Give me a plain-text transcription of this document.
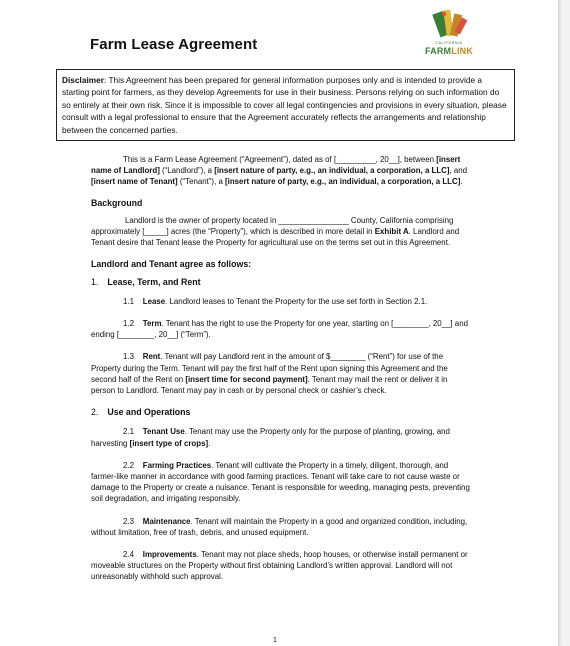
Farm Lease Agreement	CALIFORNIA
FARMLINK
Disclaimer: This Agreement has been prepared for general information purposes only and is intended to provide a starting point for farmers, as they develop Agreements for use in their business. Persons relying on such information do so entirely at their own risk. Since it is impossible to cover all legal contingencies and provisions in every situation, please consult with a legal professional to ensure that the Agreement accurately reflects the arrangements and relationship between the concerned parties.

This is a Farm Lease Agreement (“Agreement”), dated as of [_________, 20__], between [insert name of Landlord] (“Landlord”), a [insert nature of party, e.g., an individual, a corporation, a LLC], and [insert name of Tenant] (“Tenant”), a [insert nature of party, e.g., an individual, a corporation, a LLC].

Background

Landlord is the owner of property located in ________________ County, California comprising approximately [_____] acres (the “Property”), which is described in more detail in Exhibit A. Landlord and Tenant desire that Tenant lease the Property for agricultural use on the terms set out in this Agreement.

Landlord and Tenant agree as follows:

1. Lease, Term, and Rent

1.1 Lease. Landlord leases to Tenant the Property for the use set forth in Section 2.1.

1.2 Term. Tenant has the right to use the Property for one year, starting on [________, 20__] and ending [________, 20__] (“Term”).

1.3 Rent. Tenant will pay Landlord rent in the amount of $________ (“Rent”) for use of the Property during the Term. Tenant will pay the first half of the Rent upon signing this Agreement and the second half of the Rent on [insert time for second payment]. Tenant may mail the rent or deliver it in person to Landlord. Tenant may pay in cash or by personal check or cashier’s check.

2. Use and Operations

2.1 Tenant Use. Tenant may use the Property only for the purpose of planting, growing, and harvesting [insert type of crops].

2.2 Farming Practices. Tenant will cultivate the Property in a timely, diligent, thorough, and farmer-like manner in accordance with good farming practices. Tenant will take care to not cause waste or damage to the Property or create a nuisance. Tenant is responsible for weeding, managing pests, preventing soil degradation, and irrigating responsibly.

2.3 Maintenance. Tenant will maintain the Property in a good and organized condition, including, without limitation, free of trash, debris, and unused equipment.

2.4 Improvements. Tenant may not place sheds, hoop houses, or otherwise install permanent or moveable structures on the Property without first obtaining Landlord’s written approval. Landlord will not unreasonably withhold such approval.

1
